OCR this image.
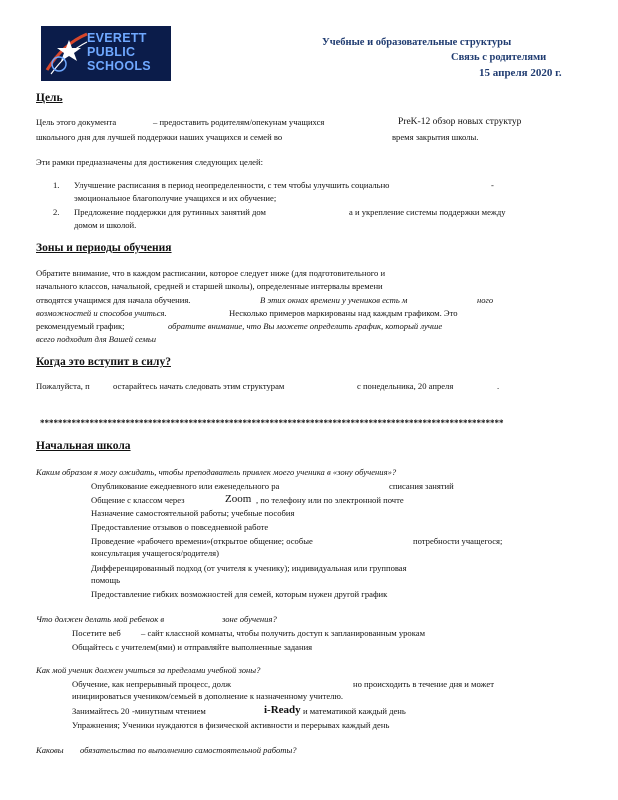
EVERETT
PUBLIC
SCHOOLS
Учебные и образовательные структуры
Связь с родителями
15 апреля 2020 г.
Цель
Цель этого документа	– предоставить родителям/опекунам учащихся	PreK-12 обзор новых структур
школьного дня для лучшей поддержки наших учащихся и семей во	время закрытия школы.
Эти рамки предназначены для достижения следующих целей:
1. Улучшение расписания в период неопределенности, с тем чтобы улучшить социально	-
эмоциональное благополучие учащихся и их обучение;
2. Предложение поддержки для рутинных занятий дом	а и укрепление системы поддержки между
домом и школой.
Зоны и периоды обучения
Обратите внимание, что в каждом расписании, которое следует ниже (для подготовительного и
начального классов, начальной, средней и старшей школы), определенные интервалы времени
отводятся учащимся для начала обучения.	В этих окнах времени у учеников есть м	ного
возможностей и способов учиться.	Несколько примеров маркированы над каждым графиком. Это
рекомендуемый график;	обратите внимание, что Вы можете определить график, который лучше
всего подходит для Вашей семьи
Когда это вступит в силу?
Пожалуйста, п	остарайтесь начать следовать этим структурам	с понедельника, 20 апреля	.
*******************************************************************************************************
Начальная школа
Каким образом я могу ожидать, чтобы преподаватель привлек моего ученика в «зону обучения»?
Опубликование ежедневного или еженедельного ра	списания занятий
Общение с классом через	Zoom , по телефону или по электронной почте
Назначение самостоятельной работы; учебные пособия
Предоставление отзывов о повседневной работе
Проведение «рабочего времени»(открытое общение; особые	потребности учащегося;
консультация учащегося/родителя)
Дифференцированный подход (от учителя к ученику); индивидуальная или групповая
помощь
Предоставление гибких возможностей для семей, которым нужен другой график
Что должен делать мой ребенок в	зоне обучения?
Посетите веб – сайт классной комнаты, чтобы получить доступ к запланированным урокам
Общайтесь с учителем(ями) и отправляйте выполненные задания
Как мой ученик должен учиться за пределами учебной зоны?
Обучение, как непрерывный процесс, долж	но происходить в течение дня и может
инициироваться учеником/семьей в дополнение к назначенному учителю.
Занимайтесь 20 -минутным чтением	i-Ready и математикой каждый день
Упражнения; Ученики нуждаются в физической активности и перерывах каждый день
Каковы обязательства по выполнению самостоятельной работы?
